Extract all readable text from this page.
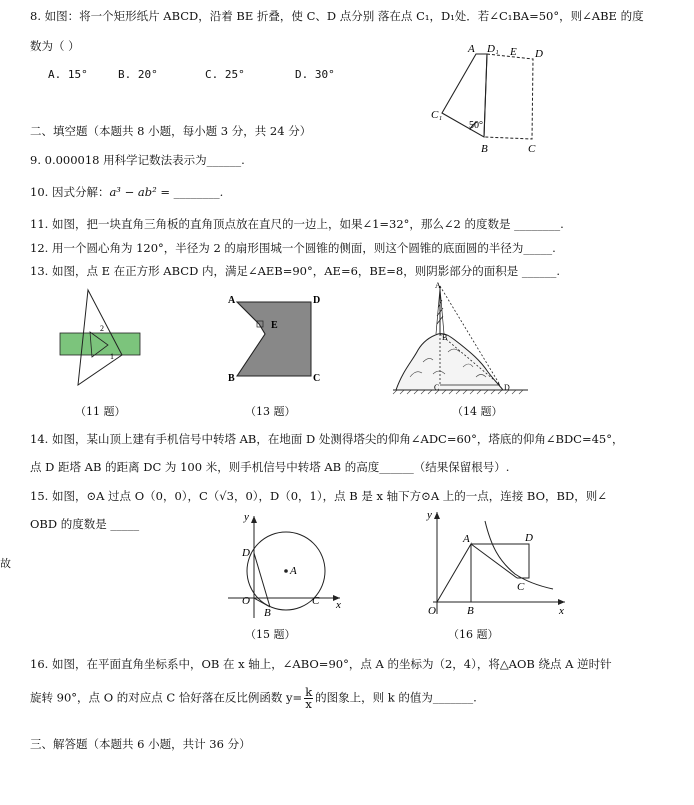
8. 如图：将一个矩形纸片 ABCD，沿着 BE 折叠，使 C、D 点分别 落在点 C₁，D₁处．若∠C₁BA=50°，则∠ABE 的度
数为（ ）
A. 15°	B. 20°	C. 25°	D. 30°
A D₁ E D
C₁
50°
B	C
二、填空题（本题共 8 小题，每小题 3 分，共 24 分）
9. 0.000018 用科学记数法表示为______.
10. 因式分解：a³ − ab² = ________.
11. 如图，把一块直角三角板的直角顶点放在直尺的一边上，如果∠1=32°，那么∠2 的度数是 ________.
12. 用一个圆心角为 120°，半径为 2 的扇形围城一个圆锥的侧面，则这个圆锥的底面圆的半径为_____.
13. 如图，点 E 在正方形 ABCD 内，满足∠AEB=90°，AE=6，BE=8，则阴影部分的面积是 ______.
2
1
（11 题）
A	D
E
B	C
（13 题）
A
B
C	D
（14 题）
14. 如图，某山顶上建有手机信号中转塔 AB，在地面 D 处测得塔尖的仰角∠ADC=60°，塔底的仰角∠BDC=45°，
点 D 距塔 AB 的距离 DC 为 100 米，则手机信号中转塔 AB 的高度______（结果保留根号）.
15. 如图，⊙A 过点 O（0，0），C（√3，0），D（0，1），点 B 是 x 轴下方⊙A 上的一点，连接 BO，BD，则∠
OBD 的度数是 _____
故
y
x
D
A
O
B
C
（15 题）
y
x
A	D
C
O	B
（16 题）
16. 如图，在平面直角坐标系中，OB 在 x 轴上，∠ABO=90°，点 A 的坐标为（2，4），将△AOB 绕点 A 逆时针
旋转 90°，点 O 的对应点 C 恰好落在反比例函数 $y= \frac{k}{x}$ 的图象上，则 k 的值为_______.
三、解答题（本题共 6 小题，共计 36 分）
